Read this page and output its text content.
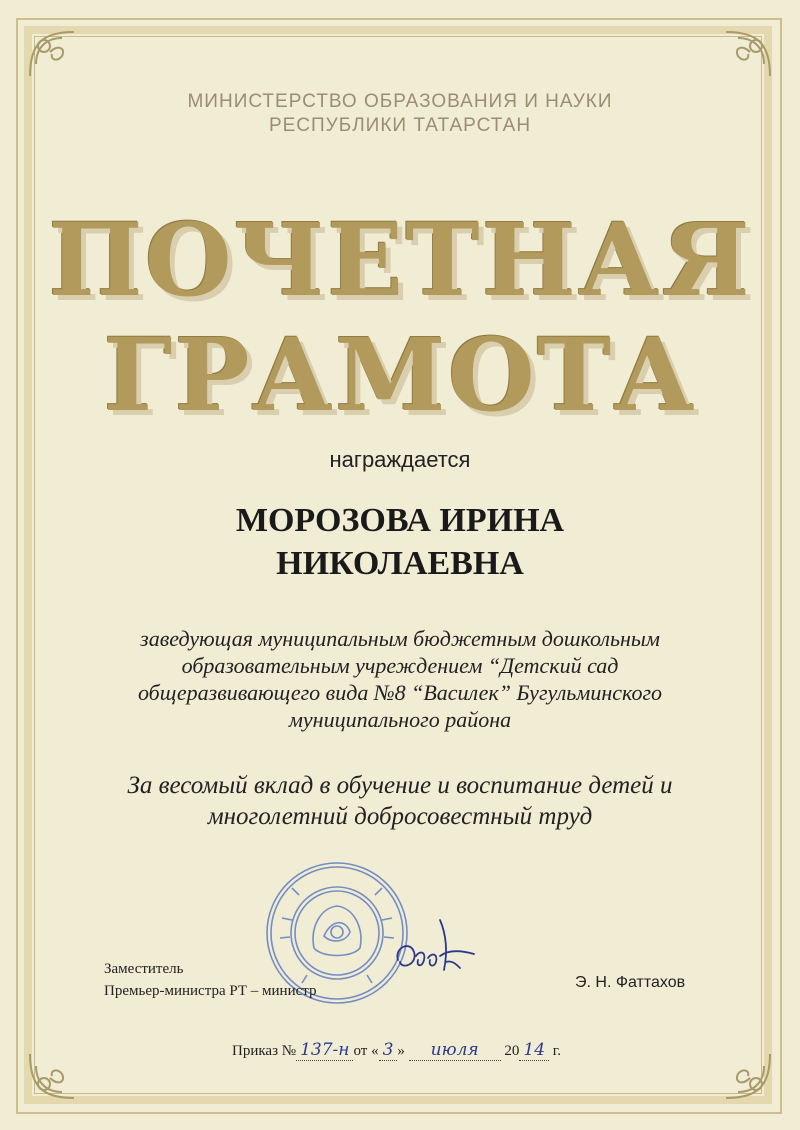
МИНИСТЕРСТВО ОБРАЗОВАНИЯ И НАУКИ
РЕСПУБЛИКИ ТАТАРСТАН
ПОЧЕТНАЯ
ГРАМОТА
награждается
МОРОЗОВА ИРИНА
НИКОЛАЕВНА
заведующая муниципальным бюджетным дошкольным
образовательным учреждением “Детский сад
общеразвивающего вида №8 “Василек” Бугульминского
муниципального района
За весомый вклад в обучение и воспитание детей и
многолетний добросовестный труд
Заместитель
Премьер-министра РТ – министр	Э. Н. Фаттахов
Приказ № 137-н от « 3 » июля 20 14 г.
